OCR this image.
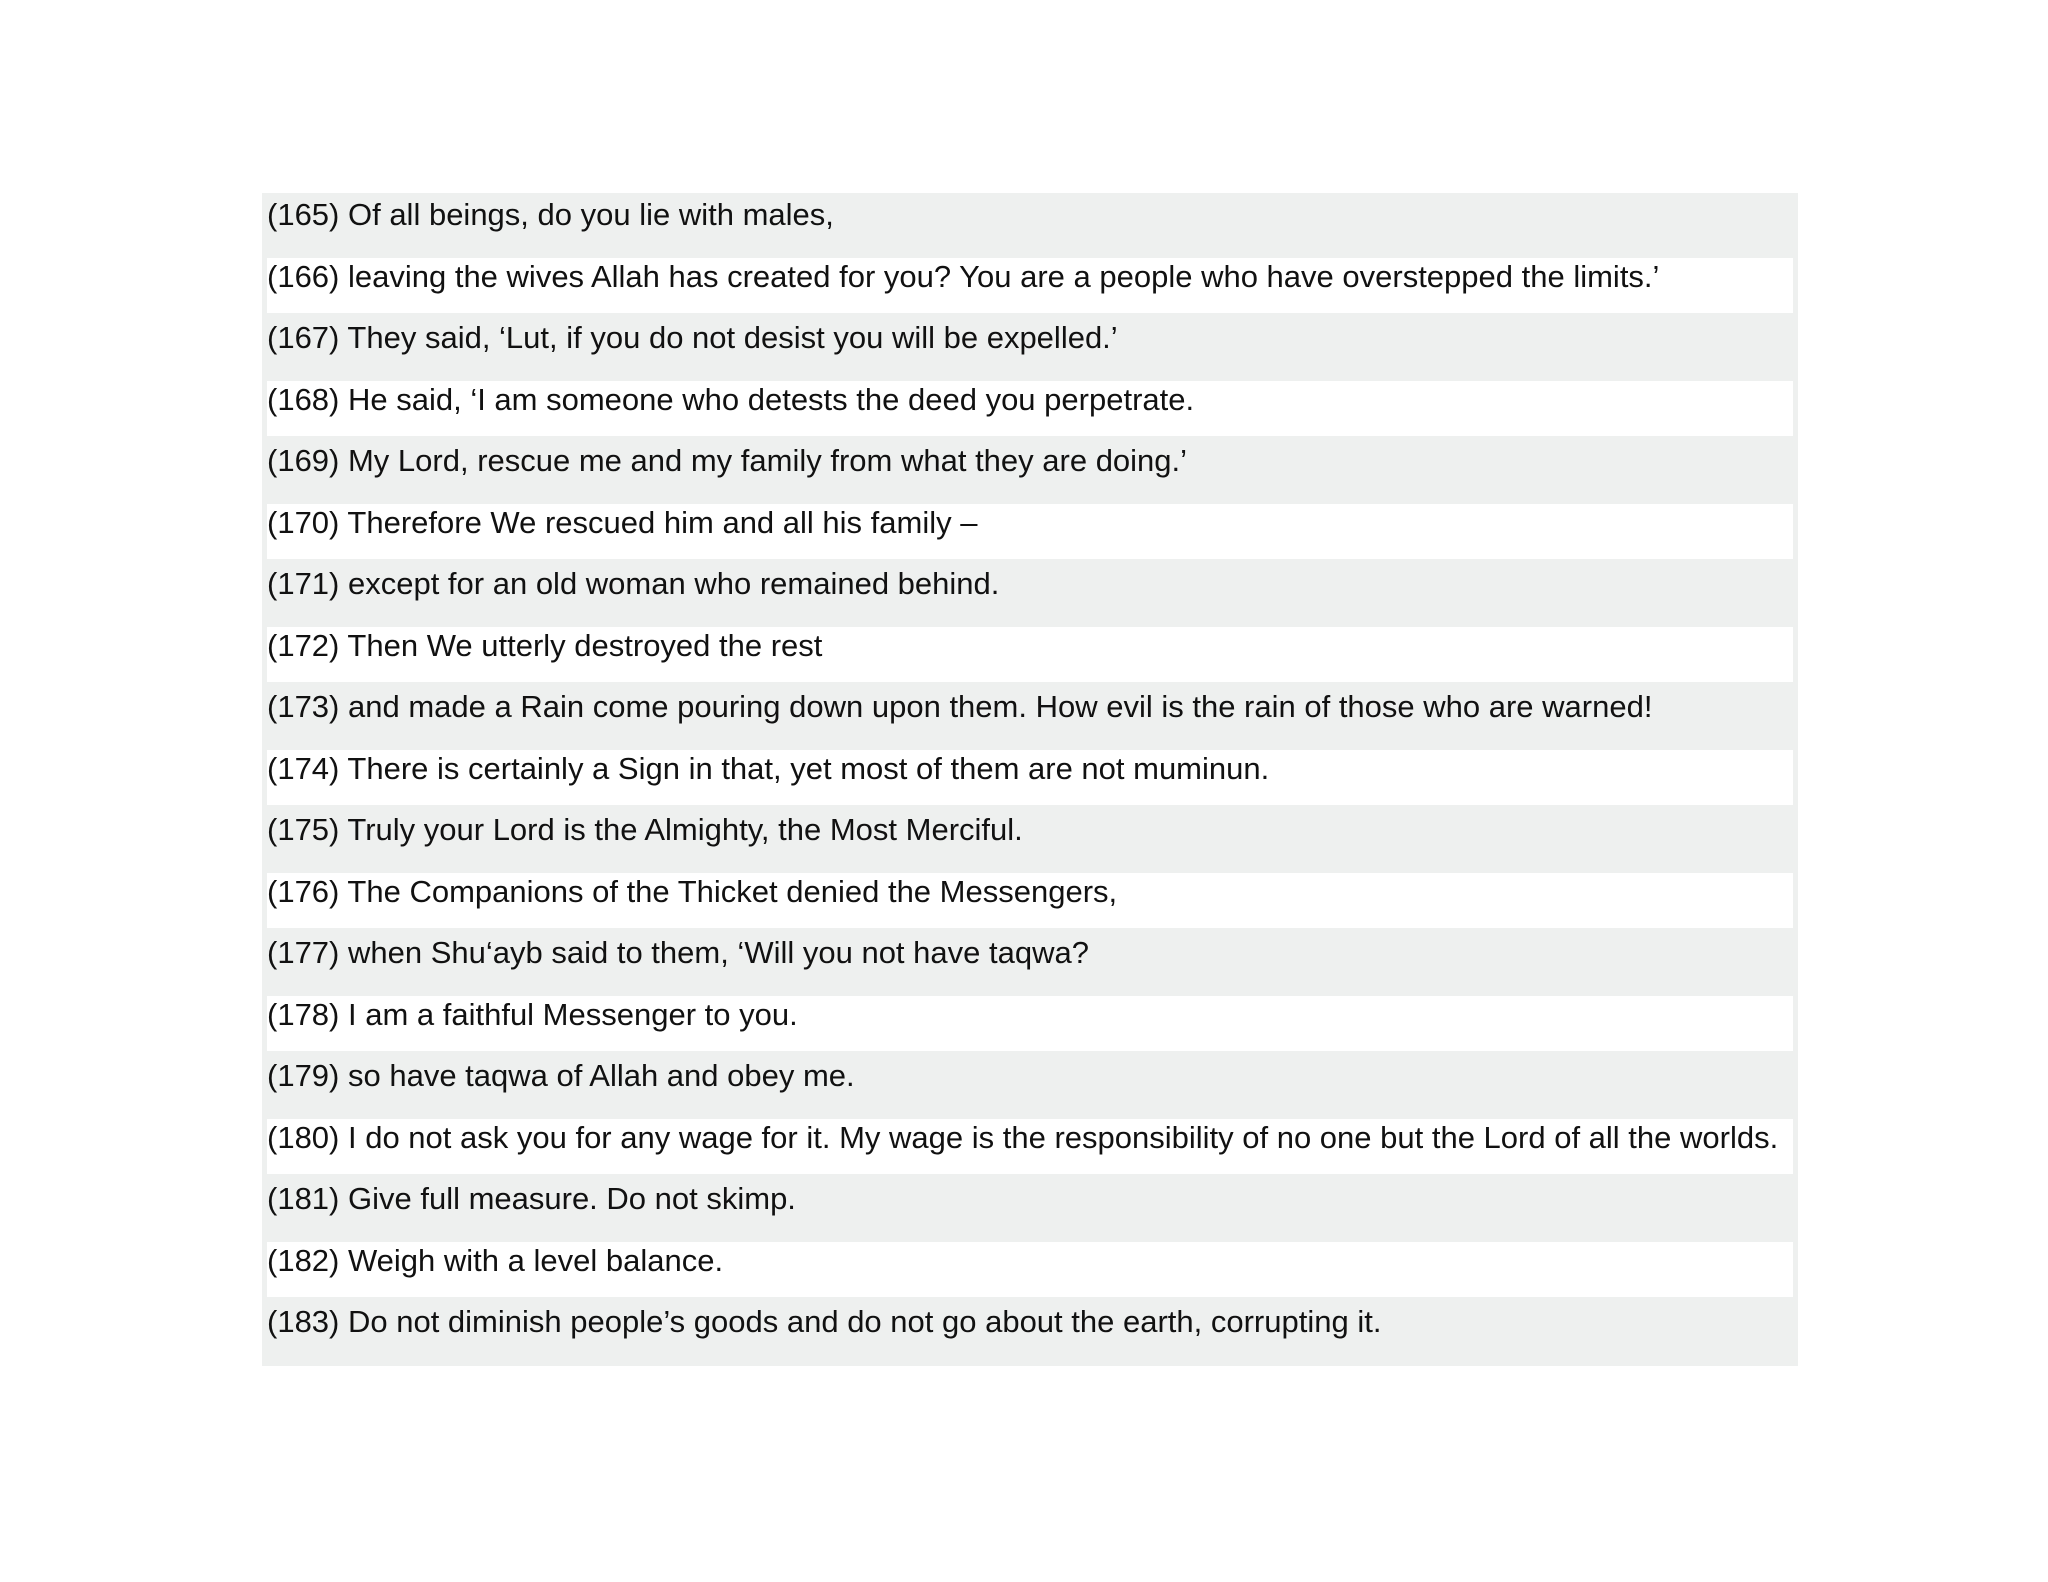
(165) Of all beings, do you lie with males,
(166) leaving the wives Allah has created for you? You are a people who have overstepped the limits.’
(167) They said, ‘Lut, if you do not desist you will be expelled.’
(168) He said, ‘I am someone who detests the deed you perpetrate.
(169) My Lord, rescue me and my family from what they are doing.’
(170) Therefore We rescued him and all his family –
(171) except for an old woman who remained behind.
(172) Then We utterly destroyed the rest
(173) and made a Rain come pouring down upon them. How evil is the rain of those who are warned!
(174) There is certainly a Sign in that, yet most of them are not muminun.
(175) Truly your Lord is the Almighty, the Most Merciful.
(176) The Companions of the Thicket denied the Messengers,
(177) when Shu‘ayb said to them, ‘Will you not have taqwa?
(178) I am a faithful Messenger to you.
(179) so have taqwa of Allah and obey me.
(180) I do not ask you for any wage for it. My wage is the responsibility of no one but the Lord of all the worlds.
(181) Give full measure. Do not skimp.
(182) Weigh with a level balance.
(183) Do not diminish people’s goods and do not go about the earth, corrupting it.
